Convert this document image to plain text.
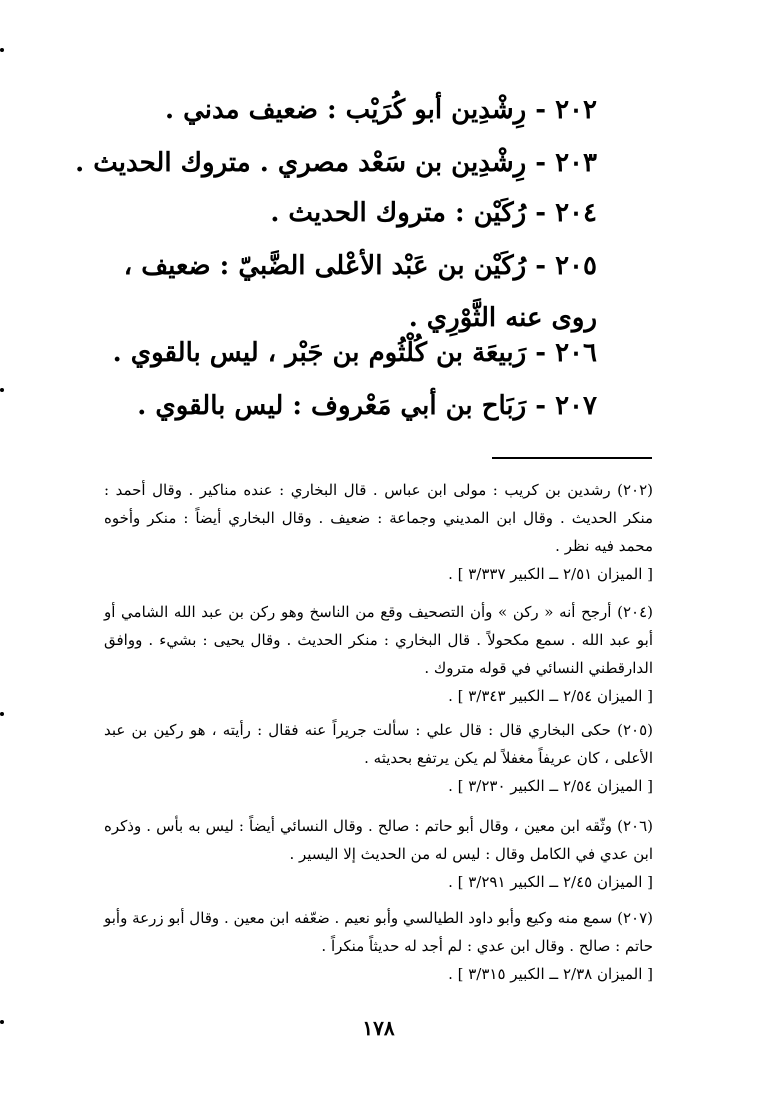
٢٠٢ - رِشْدِين أبو كُرَيْب : ضعيف مدني .
٢٠٣ - رِشْدِين بن سَعْد مصري . متروك الحديث .
٢٠٤ - رُكَيْن : متروك الحديث .
٢٠٥ - رُكَيْن بن عَبْد الأعْلى الضَّبيّ : ضعيف ، روى عنه الثَّوْرِي .
٢٠٦ - رَبيعَة بن كُلْثُوم بن جَبْر ، ليس بالقوي .
٢٠٧ - رَبَاح بن أبي مَعْروف : ليس بالقوي .
(٢٠٢) رشدين بن كريب : مولى ابن عباس . قال البخاري : عنده مناكير . وقال أحمد : منكر الحديث . وقال ابن المديني وجماعة : ضعيف . وقال البخاري أيضاً : منكر وأخوه محمد فيه نظر .
[ الميزان ٢/٥١ ــ الكبير ٣/٣٣٧ ] .
(٢٠٤) أرجح أنه « ركن » وأن التصحيف وقع من الناسخ وهو ركن بن عبد الله الشامي أو أبو عبد الله . سمع مكحولاً . قال البخاري : منكر الحديث . وقال يحيى : بشيء . ووافق الدارقطني النسائي في قوله متروك .
[ الميزان ٢/٥٤ ــ الكبير ٣/٣٤٣ ] .
(٢٠٥) حكى البخاري قال : قال علي : سألت جريراً عنه فقال : رأيته ، هو ركين بن عبد الأعلى ، كان عريفاً مغفلاً لم يكن يرتفع بحديثه .
[ الميزان ٢/٥٤ ــ الكبير ٣/٢٣٠ ] .
(٢٠٦) وثّقه ابن معين ، وقال أبو حاتم : صالح . وقال النسائي أيضاً : ليس به بأس . وذكره ابن عدي في الكامل وقال : ليس له من الحديث إلا اليسير .
[ الميزان ٢/٤٥ ــ الكبير ٣/٢٩١ ] .
(٢٠٧) سمع منه وكيع وأبو داود الطيالسي وأبو نعيم . ضعّفه ابن معين . وقال أبو زرعة وأبو حاتم : صالح . وقال ابن عدي : لم أجد له حديثاً منكراً .
[ الميزان ٢/٣٨ ــ الكبير ٣/٣١٥ ] .
١٧٨
